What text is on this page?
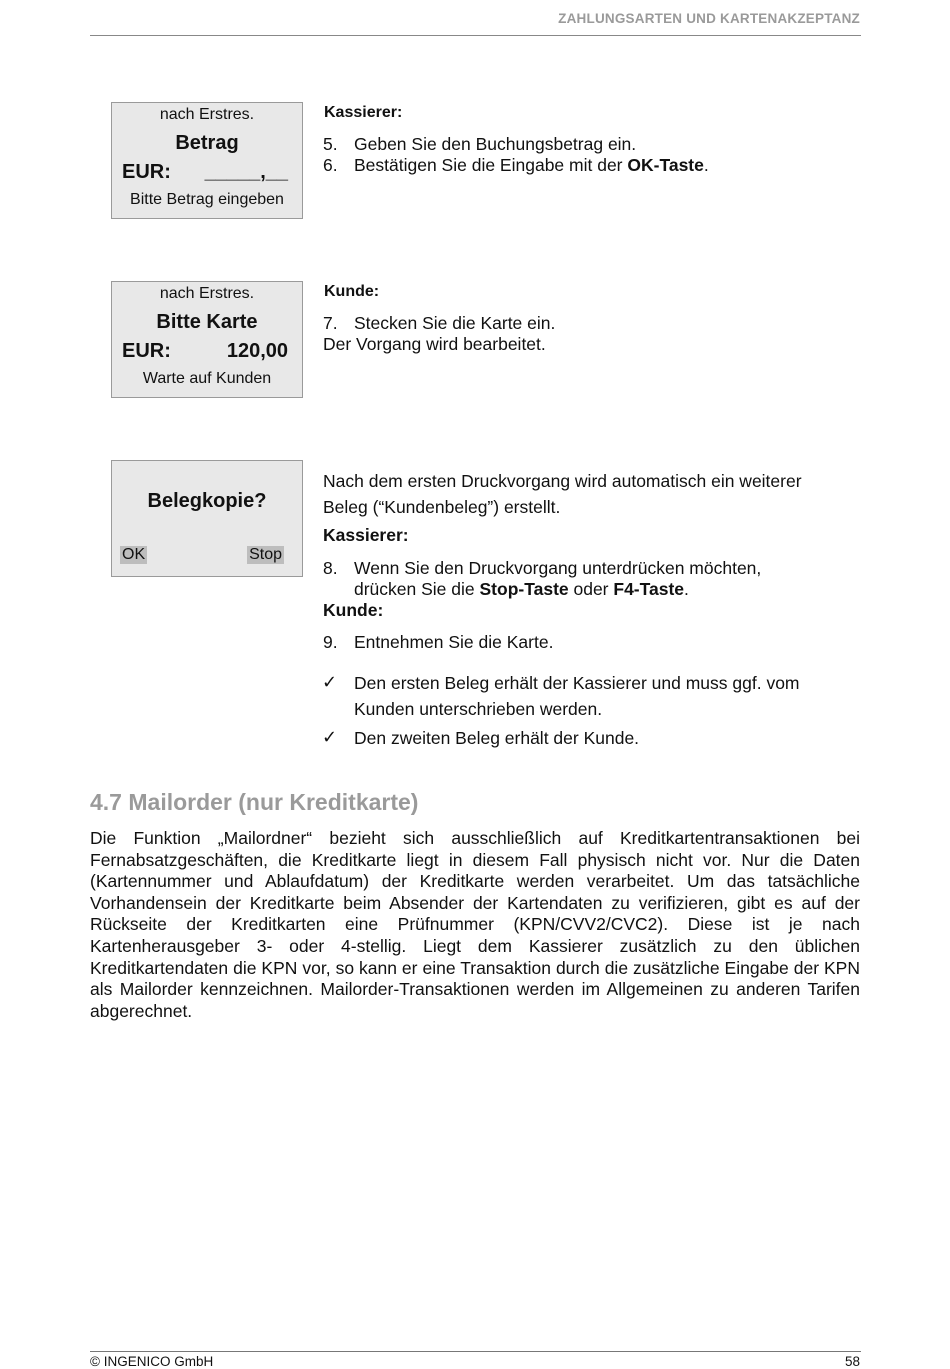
ZAHLUNGSARTEN UND KARTENAKZEPTANZ
nach Erstres.
Betrag
EUR: _____,__
Bitte Betrag eingeben
Kassierer:
5. Geben Sie den Buchungsbetrag ein.
6. Bestätigen Sie die Eingabe mit der OK-Taste.
nach Erstres.
Bitte Karte
EUR:	120,00
Warte auf Kunden
Kunde:
7. Stecken Sie die Karte ein.
Der Vorgang wird bearbeitet.
Belegkopie?
OK	Stop
Nach dem ersten Druckvorgang wird automatisch ein weiterer
Beleg (“Kundenbeleg”) erstellt.
Kassierer:
8. Wenn Sie den Druckvorgang unterdrücken möchten,
drücken Sie die Stop-Taste oder F4-Taste.
Kunde:
9. Entnehmen Sie die Karte.
✓ Den ersten Beleg erhält der Kassierer und muss ggf. vom
Kunden unterschrieben werden.
✓ Den zweiten Beleg erhält der Kunde.
4.7 Mailorder (nur Kreditkarte)
Die Funktion „Mailordner“ bezieht sich ausschließlich auf Kreditkartentransaktionen bei Fernabsatzgeschäften, die Kreditkarte liegt in diesem Fall physisch nicht vor. Nur die Daten (Kartennummer und Ablaufdatum) der Kreditkarte werden verarbeitet. Um das tatsächliche Vorhandensein der Kreditkarte beim Absender der Kartendaten zu verifizieren, gibt es auf der Rückseite der Kreditkarten eine Prüfnummer (KPN/CVV2/CVC2). Diese ist je nach Kartenherausgeber 3- oder 4-stellig. Liegt dem Kassierer zusätzlich zu den üblichen Kreditkartendaten die KPN vor, so kann er eine Transaktion durch die zusätzliche Eingabe der KPN als Mailorder kennzeichnen. Mailorder-Transaktionen werden im Allgemeinen zu anderen Tarifen abgerechnet.
© INGENICO GmbH	58
